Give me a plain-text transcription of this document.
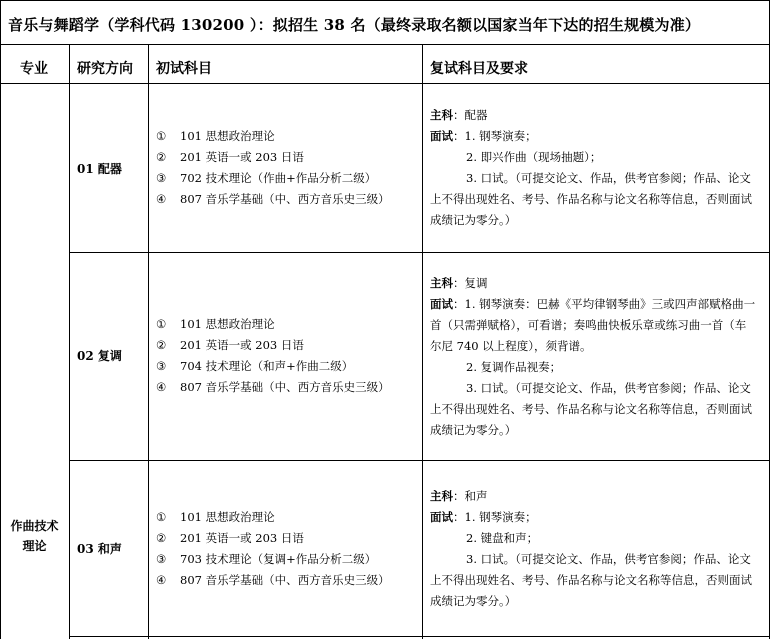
音乐与舞蹈学（学科代码 130200 ）：拟招生 38 名（最终录取名额以国家当年下达的招生规模为准）
专业 研究方向 初试科目	复试科目及要求
作曲技术
理论
01 配器
① 101 思想政治理论
② 201 英语一或 203 日语
③ 702 技术理论（作曲+作品分析二级）
④ 807 音乐学基础（中、西方音乐史三级）
主科：配器
面试：1. 钢琴演奏；
2. 即兴作曲（现场抽题）；
3. 口试。（可提交论文、作品，供考官参阅；作品、论文
上不得出现姓名、考号、作品名称与论文名称等信息，否则面试
成绩记为零分。）
02 复调
① 101 思想政治理论
② 201 英语一或 203 日语
③ 704 技术理论（和声+作曲二级）
④ 807 音乐学基础（中、西方音乐史三级）
主科：复调
面试：1. 钢琴演奏：巴赫《平均律钢琴曲》三或四声部赋格曲一
首（只需弹赋格），可看谱；奏鸣曲快板乐章或练习曲一首（车
尔尼 740 以上程度），须背谱。
2. 复调作品视奏；
3. 口试。（可提交论文、作品，供考官参阅；作品、论文
上不得出现姓名、考号、作品名称与论文名称等信息，否则面试
成绩记为零分。）
03 和声
① 101 思想政治理论
② 201 英语一或 203 日语
③ 703 技术理论（复调+作品分析二级）
④ 807 音乐学基础（中、西方音乐史三级）
主科：和声
面试：1. 钢琴演奏；
2. 键盘和声；
3. 口试。（可提交论文、作品，供考官参阅；作品、论文
上不得出现姓名、考号、作品名称与论文名称等信息，否则面试
成绩记为零分。）
